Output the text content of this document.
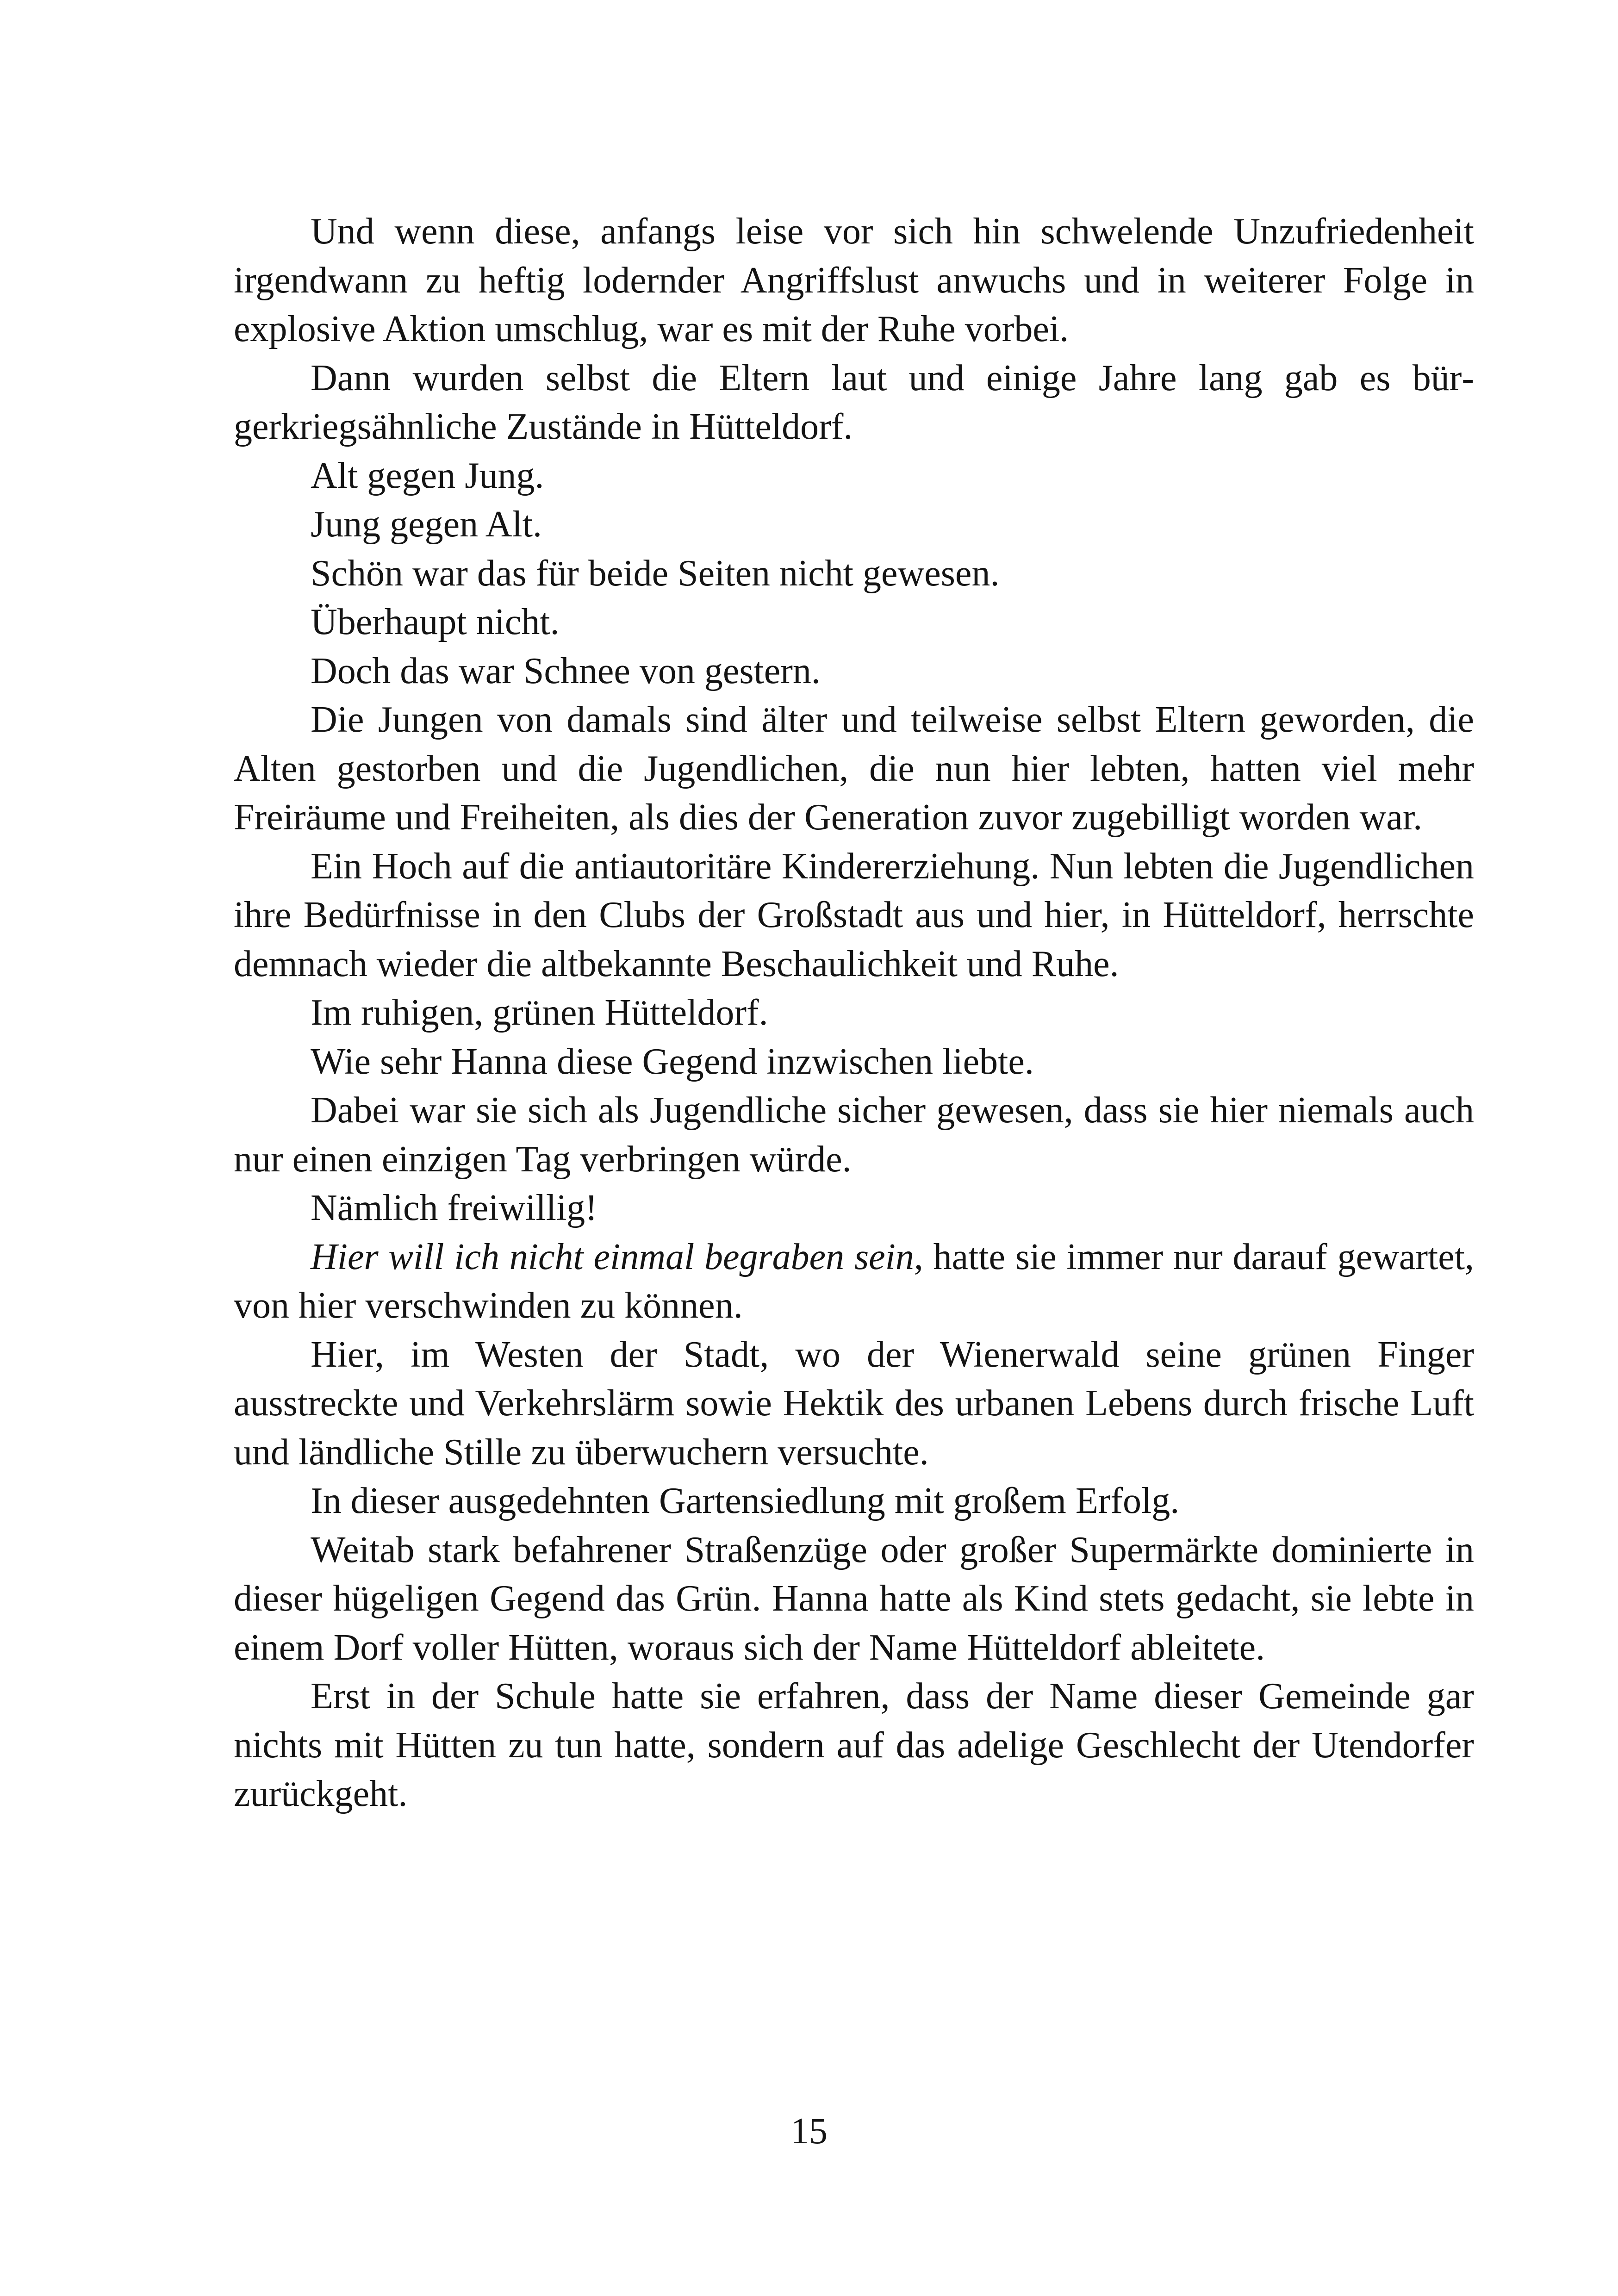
Und wenn diese, anfangs leise vor sich hin schwelende Unzufriedenheit irgendwann zu heftig lodernder Angriffslust anwuchs und in weiterer Folge in explosive Aktion umschlug, war es mit der Ruhe vorbei.

Dann wurden selbst die Eltern laut und einige Jahre lang gab es bürgerkriegsähnliche Zustände in Hütteldorf.

Alt gegen Jung.

Jung gegen Alt.

Schön war das für beide Seiten nicht gewesen.

Überhaupt nicht.

Doch das war Schnee von gestern.

Die Jungen von damals sind älter und teilweise selbst Eltern geworden, die Alten gestorben und die Jugendlichen, die nun hier lebten, hatten viel mehr Freiräume und Freiheiten, als dies der Generation zuvor zugebilligt worden war.

Ein Hoch auf die antiautoritäre Kindererziehung. Nun lebten die Jugendlichen ihre Bedürfnisse in den Clubs der Großstadt aus und hier, in Hütteldorf, herrschte demnach wieder die altbekannte Beschaulichkeit und Ruhe.

Im ruhigen, grünen Hütteldorf.

Wie sehr Hanna diese Gegend inzwischen liebte.

Dabei war sie sich als Jugendliche sicher gewesen, dass sie hier niemals auch nur einen einzigen Tag verbringen würde.

Nämlich freiwillig!

Hier will ich nicht einmal begraben sein, hatte sie immer nur darauf gewartet, von hier verschwinden zu können.

Hier, im Westen der Stadt, wo der Wienerwald seine grünen Finger ausstreckte und Verkehrslärm sowie Hektik des urbanen Lebens durch frische Luft und ländliche Stille zu überwuchern versuchte.

In dieser ausgedehnten Gartensiedlung mit großem Erfolg.

Weitab stark befahrener Straßenzüge oder großer Supermärkte dominierte in dieser hügeligen Gegend das Grün. Hanna hatte als Kind stets gedacht, sie lebte in einem Dorf voller Hütten, woraus sich der Name Hütteldorf ableitete.

Erst in der Schule hatte sie erfahren, dass der Name dieser Gemeinde gar nichts mit Hütten zu tun hatte, sondern auf das adelige Geschlecht der Utendorfer zurückgeht.

15
